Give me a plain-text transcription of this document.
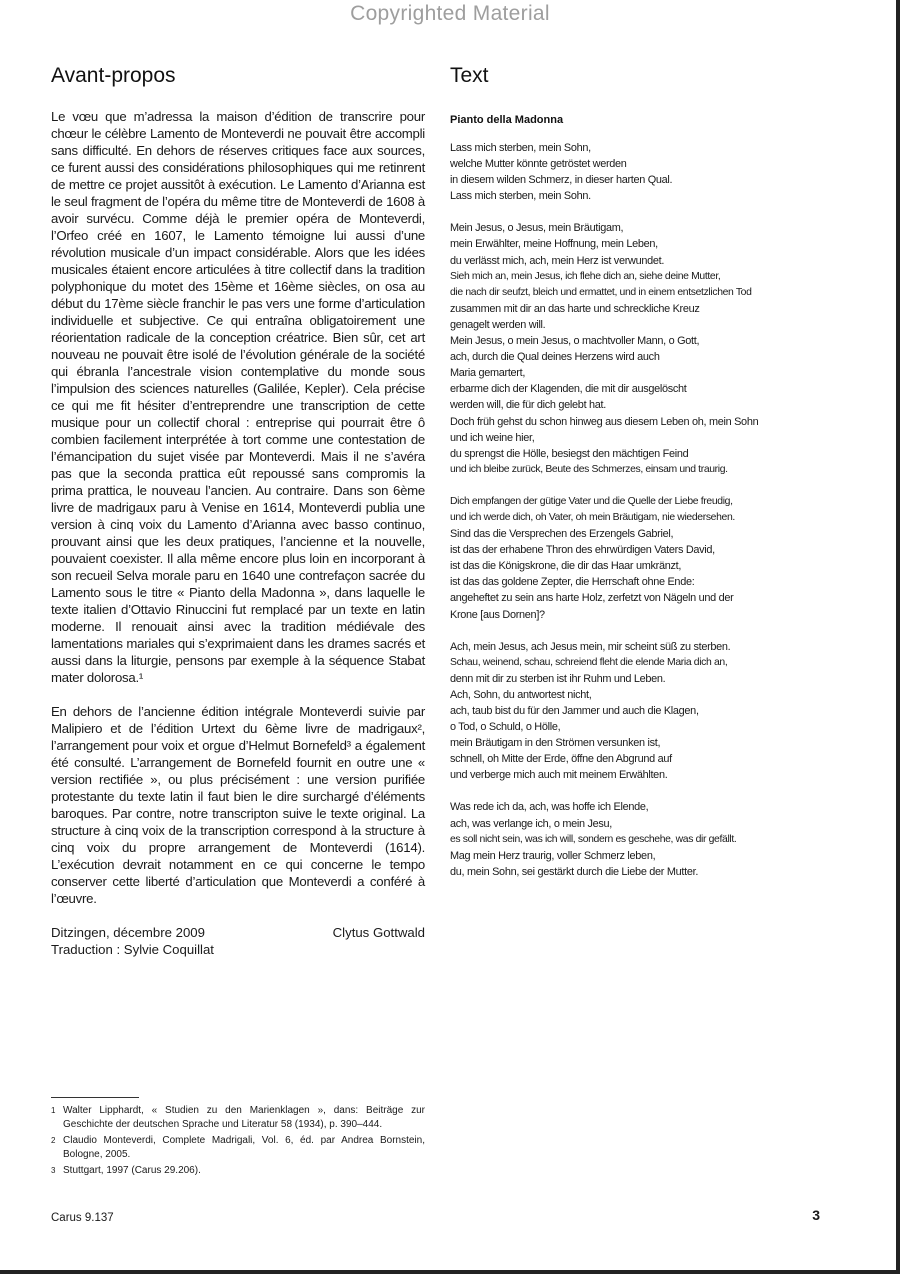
Copyrighted Material
Avant-propos

Le vœu que m’adressa la maison d’édition de transcrire pour chœur le célèbre Lamento de Monteverdi ne pouvait être accompli sans difficulté. En dehors de réserves critiques face aux sources, ce furent aussi des considérations philosophiques qui me retinrent de mettre ce projet aussitôt à exécution. Le Lamento d’Arianna est le seul fragment de l’opéra du même titre de Monteverdi de 1608 à avoir survécu. Comme déjà le premier opéra de Monteverdi, l’Orfeo créé en 1607, le Lamento témoigne lui aussi d’une révolution musicale d’un impact considérable. Alors que les idées musicales étaient encore articulées à titre collectif dans la tradition polyphonique du motet des 15ème et 16ème siècles, on osa au début du 17ème siècle franchir le pas vers une forme d’articulation individuelle et subjective. Ce qui entraîna obligatoirement une réorientation radicale de la conception créatrice. Bien sûr, cet art nouveau ne pouvait être isolé de l’évolution générale de la société qui ébranla l’ancestrale vision contemplative du monde sous l’impulsion des sciences naturelles (Galilée, Kepler). Cela précise ce qui me fit hésiter d’entreprendre une transcription de cette musique pour un collectif choral : entreprise qui pourrait être ô combien facilement interprétée à tort comme une contestation de l’émancipation du sujet visée par Monteverdi. Mais il ne s’avéra pas que la seconda prattica eût repoussé sans compromis la prima prattica, le nouveau l’ancien. Au contraire. Dans son 6ème livre de madrigaux paru à Venise en 1614, Monteverdi publia une version à cinq voix du Lamento d’Arianna avec basso continuo, prouvant ainsi que les deux pratiques, l’ancienne et la nouvelle, pouvaient coexister. Il alla même encore plus loin en incorporant à son recueil Selva morale paru en 1640 une contrefaçon sacrée du Lamento sous le titre « Pianto della Madonna », dans laquelle le texte italien d’Ottavio Rinuccini fut remplacé par un texte en latin moderne. Il renouait ainsi avec la tradition médiévale des lamentations mariales qui s’exprimaient dans les drames sacrés et aussi dans la liturgie, pensons par exemple à la séquence Stabat mater dolorosa.¹

En dehors de l’ancienne édition intégrale Monteverdi suivie par Malipiero et de l’édition Urtext du 6ème livre de madrigaux², l’arrangement pour voix et orgue d’Helmut Bornefeld³ a également été consulté. L’arrangement de Bornefeld fournit en outre une « version rectifiée », ou plus précisément : une version purifiée protestante du texte latin il faut bien le dire surchargé d’éléments baroques. Par contre, notre transcripton suive le texte original. La structure à cinq voix de la transcription correspond à la structure à cinq voix du propre arrangement de Monteverdi (1614). L’exécution devrait notamment en ce qui concerne le tempo conserver cette liberté d’articulation que Monteverdi a conféré à l’œuvre.

Ditzingen, décembre 2009
Traduction : Sylvie Coquillat
Clytus Gottwald
Text
Pianto della Madonna
Lass mich sterben, mein Sohn,
welche Mutter könnte getröstet werden
in diesem wilden Schmerz, in dieser harten Qual.
Lass mich sterben, mein Sohn.
Mein Jesus, o Jesus, mein Bräutigam,
mein Erwählter, meine Hoffnung, mein Leben,
du verlässt mich, ach, mein Herz ist verwundet.
Sieh mich an, mein Jesus, ich flehe dich an, siehe deine Mutter,
die nach dir seufzt, bleich und ermattet, und in einem entsetzlichen Tod
zusammen mit dir an das harte und schreckliche Kreuz
genagelt werden will.
Mein Jesus, o mein Jesus, o machtvoller Mann, o Gott,
ach, durch die Qual deines Herzens wird auch
Maria gemartert,
erbarme dich der Klagenden, die mit dir ausgelöscht
werden will, die für dich gelebt hat.
Doch früh gehst du schon hinweg aus diesem Leben oh, mein Sohn
und ich weine hier,
du sprengst die Hölle, besiegst den mächtigen Feind
und ich bleibe zurück, Beute des Schmerzes, einsam und traurig.
Dich empfangen der gütige Vater und die Quelle der Liebe freudig,
und ich werde dich, oh Vater, oh mein Bräutigam, nie wiedersehen.
Sind das die Versprechen des Erzengels Gabriel,
ist das der erhabene Thron des ehrwürdigen Vaters David,
ist das die Königskrone, die dir das Haar umkränzt,
ist das das goldene Zepter, die Herrschaft ohne Ende:
angeheftet zu sein ans harte Holz, zerfetzt von Nägeln und der
Krone [aus Dornen]?
Ach, mein Jesus, ach Jesus mein, mir scheint süß zu sterben.
Schau, weinend, schau, schreiend fleht die elende Maria dich an,
denn mit dir zu sterben ist ihr Ruhm und Leben.
Ach, Sohn, du antwortest nicht,
ach, taub bist du für den Jammer und auch die Klagen,
o Tod, o Schuld, o Hölle,
mein Bräutigam in den Strömen versunken ist,
schnell, oh Mitte der Erde, öffne den Abgrund auf
und verberge mich auch mit meinem Erwählten.
Was rede ich da, ach, was hoffe ich Elende,
ach, was verlange ich, o mein Jesu,
es soll nicht sein, was ich will, sondern es geschehe, was dir gefällt.
Mag mein Herz traurig, voller Schmerz leben,
du, mein Sohn, sei gestärkt durch die Liebe der Mutter.
1 Walter Lipphardt, « Studien zu den Marienklagen », dans: Beiträge zur Geschichte der deutschen Sprache und Literatur 58 (1934), p. 390–444.
2 Claudio Monteverdi, Complete Madrigali, Vol. 6, éd. par Andrea Bornstein, Bologne, 2005.
3 Stuttgart, 1997 (Carus 29.206).
Carus 9.137	3
